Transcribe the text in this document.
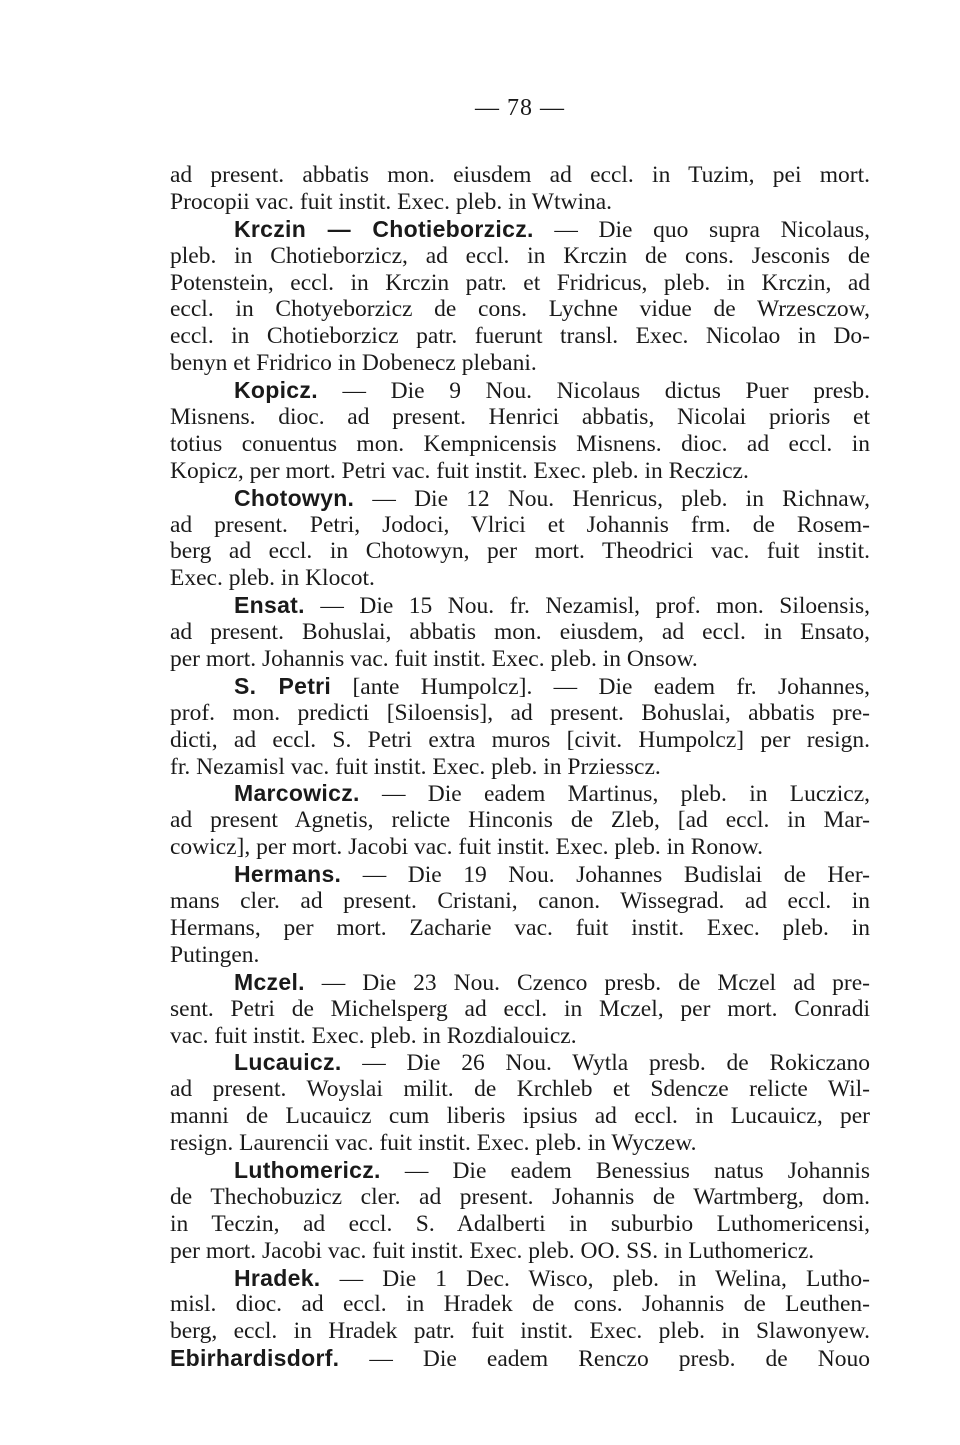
— 78 —
ad present. abbatis mon. eiusdem ad eccl. in Tuzim, pei mort.
Procopii vac. fuit instit. Exec. pleb. in Wtwina.
Krczin — Chotieborzicz. — Die quo supra Nicolaus,
pleb. in Chotieborzicz, ad eccl. in Krczin de cons. Jesconis de
Potenstein, eccl. in Krczin patr. et Fridricus, pleb. in Krczin, ad
eccl. in Chotyeborzicz de cons. Lychne vidue de Wrzesczow,
eccl. in Chotieborzicz patr. fuerunt transl. Exec. Nicolao in Do-
benyn et Fridrico in Dobenecz plebani.
Kopicz. — Die 9 Nou. Nicolaus dictus Puer presb.
Misnens. dioc. ad present. Henrici abbatis, Nicolai prioris et
totius conuentus mon. Kempnicensis Misnens. dioc. ad eccl. in
Kopicz, per mort. Petri vac. fuit instit. Exec. pleb. in Reczicz.
Chotowyn. — Die 12 Nou. Henricus, pleb. in Richnaw,
ad present. Petri, Jodoci, Vlrici et Johannis frm. de Rosem-
berg ad eccl. in Chotowyn, per mort. Theodrici vac. fuit instit.
Exec. pleb. in Klocot.
Ensat. — Die 15 Nou. fr. Nezamisl, prof. mon. Siloensis,
ad present. Bohuslai, abbatis mon. eiusdem, ad eccl. in Ensato,
per mort. Johannis vac. fuit instit. Exec. pleb. in Onsow.
S. Petri [ante Humpolcz]. — Die eadem fr. Johannes,
prof. mon. predicti [Siloensis], ad present. Bohuslai, abbatis pre-
dicti, ad eccl. S. Petri extra muros [civit. Humpolcz] per resign.
fr. Nezamisl vac. fuit instit. Exec. pleb. in Prziesscz.
Marcowicz. — Die eadem Martinus, pleb. in Luczicz,
ad present Agnetis, relicte Hinconis de Zleb, [ad eccl. in Mar-
cowicz], per mort. Jacobi vac. fuit instit. Exec. pleb. in Ronow.
Hermans. — Die 19 Nou. Johannes Budislai de Her-
mans cler. ad present. Cristani, canon. Wissegrad. ad eccl. in
Hermans, per mort. Zacharie vac. fuit instit. Exec. pleb. in
Putingen.
Mczel. — Die 23 Nou. Czenco presb. de Mczel ad pre-
sent. Petri de Michelsperg ad eccl. in Mczel, per mort. Conradi
vac. fuit instit. Exec. pleb. in Rozdialouicz.
Lucauicz. — Die 26 Nou. Wytla presb. de Rokiczano
ad present. Woyslai milit. de Krchleb et Sdencze relicte Wil-
manni de Lucauicz cum liberis ipsius ad eccl. in Lucauicz, per
resign. Laurencii vac. fuit instit. Exec. pleb. in Wyczew.
Luthomericz. — Die eadem Benessius natus Johannis
de Thechobuzicz cler. ad present. Johannis de Wartmberg, dom.
in Teczin, ad eccl. S. Adalberti in suburbio Luthomericensi,
per mort. Jacobi vac. fuit instit. Exec. pleb. OO. SS. in Luthomericz.
Hradek. — Die 1 Dec. Wisco, pleb. in Welina, Lutho-
misl. dioc. ad eccl. in Hradek de cons. Johannis de Leuthen-
berg, eccl. in Hradek patr. fuit instit. Exec. pleb. in Slawonyew.
Ebirhardisdorf. — Die eadem Renczo presb. de Nouo
